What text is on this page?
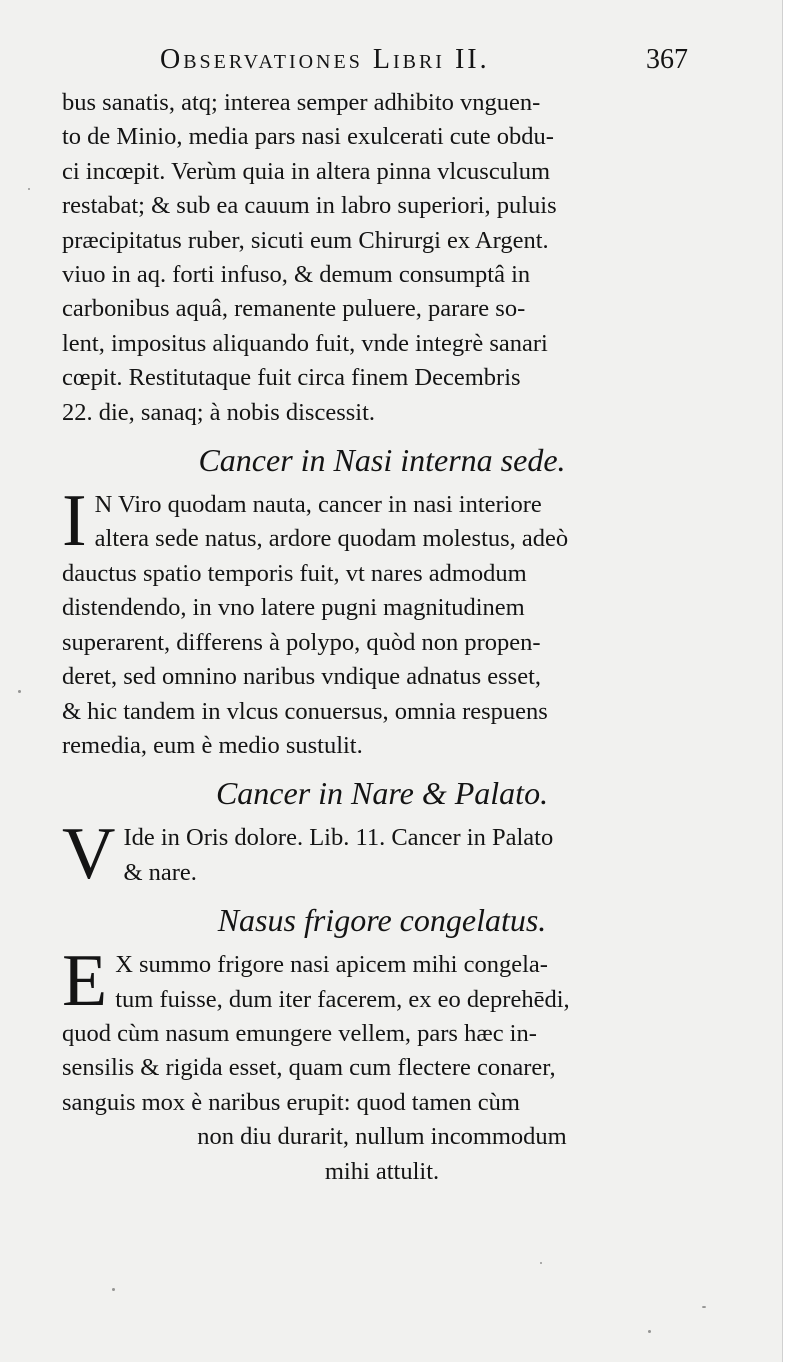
Observationes Libri II.	367

bus sanatis, atq; interea semper adhibito vnguen-
to de Minio, media pars nasi exulcerati cute obdu-
ci incœpit. Verùm quia in altera pinna vlcusculum
restabat; & sub ea cauum in labro superiori, puluis
præcipitatus ruber, sicuti eum Chirurgi ex Argent.
viuo in aq. forti infuso, & demum consumptâ in
carbonibus aquâ, remanente puluere, parare so-
lent, impositus aliquando fuit, vnde integrè sanari
cœpit. Restitutaque fuit circa finem Decembris
22. die, sanaq; à nobis discessit.

Cancer in Nasi interna sede.

I N Viro quodam nauta, cancer in nasi interiore
altera sede natus, ardore quodam molestus, adeò
dauctus spatio temporis fuit, vt nares admodum
distendendo, in vno latere pugni magnitudinem
superarent, differens à polypo, quòd non propen-
deret, sed omnino naribus vndique adnatus esset,
& hic tandem in vlcus conuersus, omnia respuens
remedia, eum è medio sustulit.

Cancer in Nare & Palato.

V Ide in Oris dolore. Lib. 11. Cancer in Palato
& nare.

Nasus frigore congelatus.

E X summo frigore nasi apicem mihi congela-
tum fuisse, dum iter facerem, ex eo deprehēdi,
quod cùm nasum emungere vellem, pars hæc in-
sensilis & rigida esset, quam cum flectere conarer,
sanguis mox è naribus erupit: quod tamen cùm
non diu durarit, nullum incommodum
mihi attulit.
